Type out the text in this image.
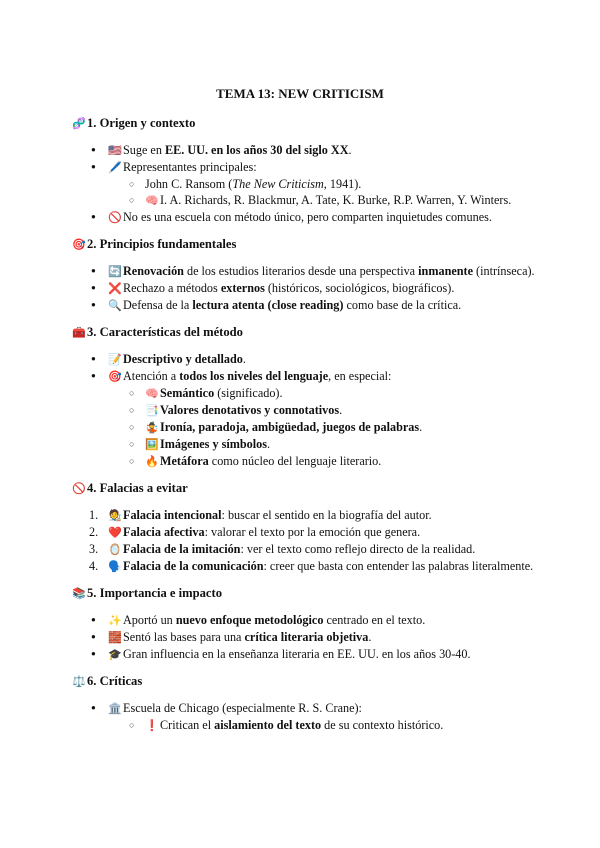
TEMA 13: NEW CRITICISM
🧬1. Origen y contexto
●	🇺🇸Suge en EE. UU. en los años 30 del siglo XX.
●	🖊️Representantes principales:
○ John C. Ransom (The New Criticism, 1941).
○ 🧠I. A. Richards, R. Blackmur, A. Tate, K. Burke, R.P. Warren, Y. Winters.
●	🚫No es una escuela con método único, pero comparten inquietudes comunes.
🎯2. Principios fundamentales
●	🔄Renovación de los estudios literarios desde una perspectiva inmanente (intrínseca).
●	❌Rechazo a métodos externos (históricos, sociológicos, biográficos).
●	🔍Defensa de la lectura atenta (close reading) como base de la crítica.
🧰3. Características del método
●	📝Descriptivo y detallado.
●	🎯Atención a todos los niveles del lenguaje, en especial:
○ 🧠Semántico (significado).
○ 📑Valores denotativos y connotativos.
○ 🤹Ironía, paradoja, ambigüedad, juegos de palabras.
○ 🖼️Imágenes y símbolos.
○ 🔥Metáfora como núcleo del lenguaje literario.
🚫4. Falacias a evitar
1. 🧑‍🎨Falacia intencional: buscar el sentido en la biografía del autor.
2. ❤️Falacia afectiva: valorar el texto por la emoción que genera.
3. 🪞Falacia de la imitación: ver el texto como reflejo directo de la realidad.
4. 🗣️Falacia de la comunicación: creer que basta con entender las palabras literalmente.
📚5. Importancia e impacto
●	✨Aportó un nuevo enfoque metodológico centrado en el texto.
●	🧱Sentó las bases para una crítica literaria objetiva.
●	🎓Gran influencia en la enseñanza literaria en EE. UU. en los años 30-40.
⚖️6. Críticas
●	🏛️Escuela de Chicago (especialmente R. S. Crane):
○ ❗Critican el aislamiento del texto de su contexto histórico.
